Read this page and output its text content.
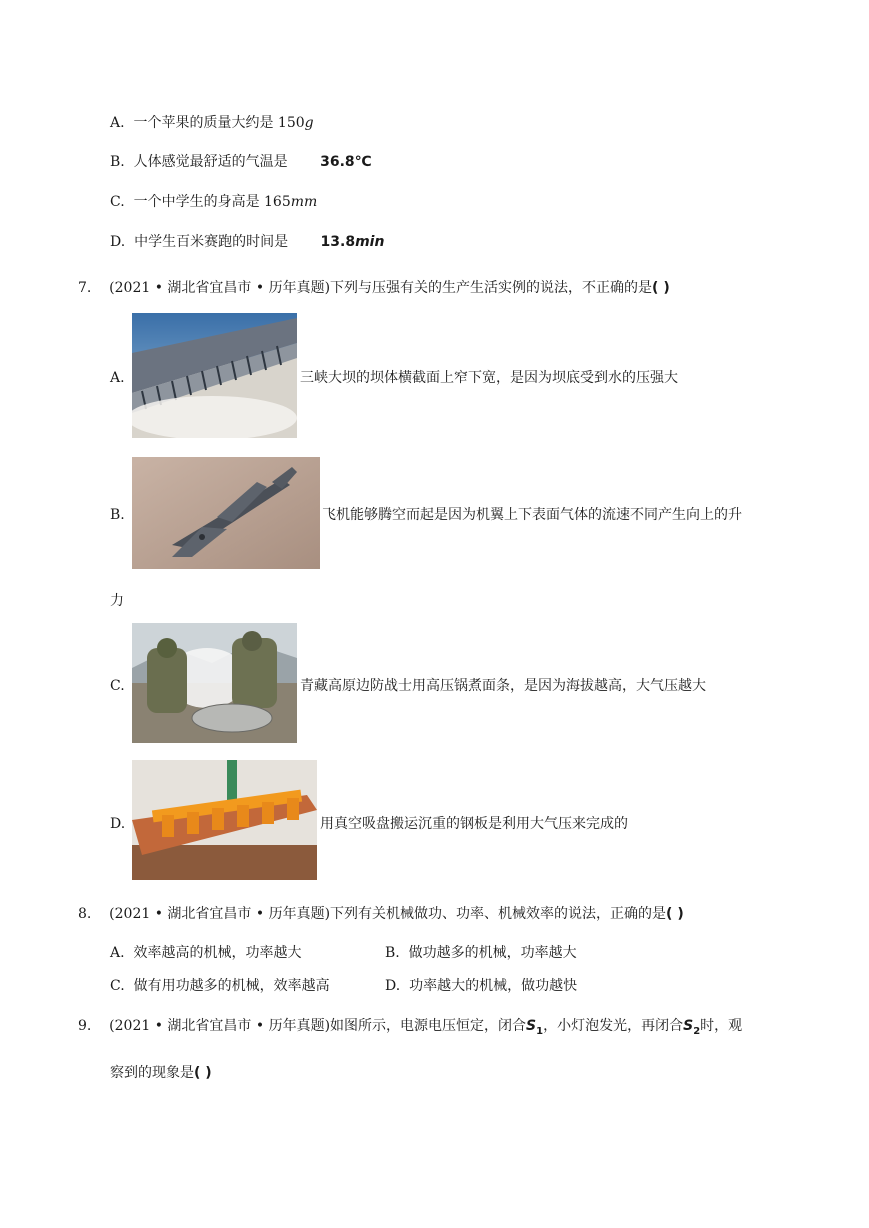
A. 一个苹果的质量大约是 150g
B. 人体感觉最舒适的气温是 36.8℃
C. 一个中学生的身高是 165mm
D. 中学生百米赛跑的时间是 13.8min
7. (2021 • 湖北省宜昌市 • 历年真题)下列与压强有关的生产生活实例的说法，不正确的是( )
A.	三峡大坝的坝体横截面上窄下宽，是因为坝底受到水的压强大
B.	飞机能够腾空而起是因为机翼上下表面气体的流速不同产生向上的升
力
C.	青藏高原边防战士用高压锅煮面条，是因为海拔越高，大气压越大
D.	用真空吸盘搬运沉重的钢板是利用大气压来完成的
8. (2021 • 湖北省宜昌市 • 历年真题)下列有关机械做功、功率、机械效率的说法，正确的是( )
A. 效率越高的机械，功率越大	B. 做功越多的机械，功率越大
C. 做有用功越多的机械，效率越高	D. 功率越大的机械，做功越快
9. (2021 • 湖北省宜昌市 • 历年真题)如图所示，电源电压恒定，闭合$S_1$，小灯泡发光，再闭合$S_2$时，观
察到的现象是( )
